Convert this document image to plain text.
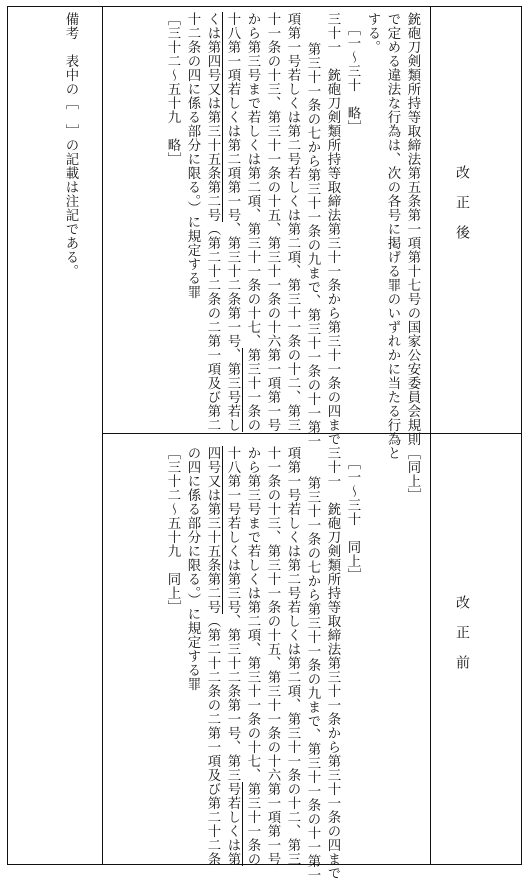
改正後
改正前
銃砲刀剣類所持等取締法第五条第一項第十七号の国家公安委員会規則
で定める違法な行為は、次の各号に掲げる罪のいずれかに当たる行為と
する。
［一～三十　略］
三十一　銃砲刀剣類所持等取締法第三十一条から第三十一条の四まで
第三十一条の七から第三十一条の九まで、第三十一条の十一第一
項第一号若しくは第二号若しくは第二項、第三十一条の十二、第三
十一条の十三、第三十一条の十五、第三十一条の十六第一項第一号
から第三号まで若しくは第二項、第三十一条の十七、第三十一条の
十八第一項若しくは第二項第一号、第三十二条第一号、第三号若し
くは第四号又は第三十五条第二号（第二十二条の二第一項及び第二
十二条の四に係る部分に限る。）に規定する罪
［三十二～五十九　略］
［同上］
［一～三十　同上］
三十一　銃砲刀剣類所持等取締法第三十一条から第三十一条の四まで
第三十一条の七から第三十一条の九まで、第三十一条の十一第一
項第一号若しくは第二号若しくは第二項、第三十一条の十二、第三
十一条の十三、第三十一条の十五、第三十一条の十六第一項第一号
から第三号まで若しくは第二項、第三十一条の十七、第三十一条の
十八第一号若しくは第三号、第三十二条第一号、第三号若しくは第
四号又は第三十五条第二号（第二十二条の二第一項及び第二十二条
の四に係る部分に限る。）に規定する罪
［三十二～五十九　同上］
備考　表中の［　］の記載は注記である。
